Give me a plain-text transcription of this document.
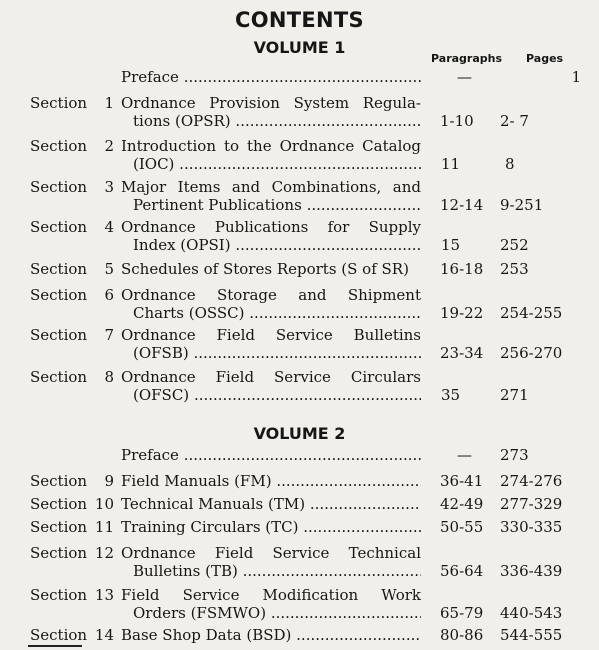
CONTENTS
VOLUME 1
Paragraphs Pages
Preface .....	—	1
Section	1 Ordnance Provision System Regula-
tions (OPSR) .....	1-10	2- 7
Section	2 Introduction to the Ordnance Catalog
(IOC) .....	11	8
Section	3 Major Items and Combinations, and
Pertinent Publications .....	12-14	9-251
Section	4 Ordnance Publications for Supply
Index (OPSI) .....	15	252
Section	5 Schedules of Stores Reports (S of SR)	16-18	253
Section	6 Ordnance Storage and Shipment
Charts (OSSC) .....	19-22	254-255
Section	7 Ordnance Field Service Bulletins
(OFSB) .....	23-34	256-270
Section	8 Ordnance Field Service Circulars
(OFSC) .....	35	271
VOLUME 2
Preface .....	—	273
Section	9 Field Manuals (FM) .....	36-41	274-276
Section 10 Technical Manuals (TM) .....	42-49	277-329
Section 11 Training Circulars (TC) .....	50-55	330-335
Section 12 Ordnance Field Service Technical
Bulletins (TB) .....	56-64	336-439
Section 13 Field Service Modification Work
Orders (FSMWO) .....	65-79	440-543
Section 14 Base Shop Data (BSD) .....	80-86	544-555
